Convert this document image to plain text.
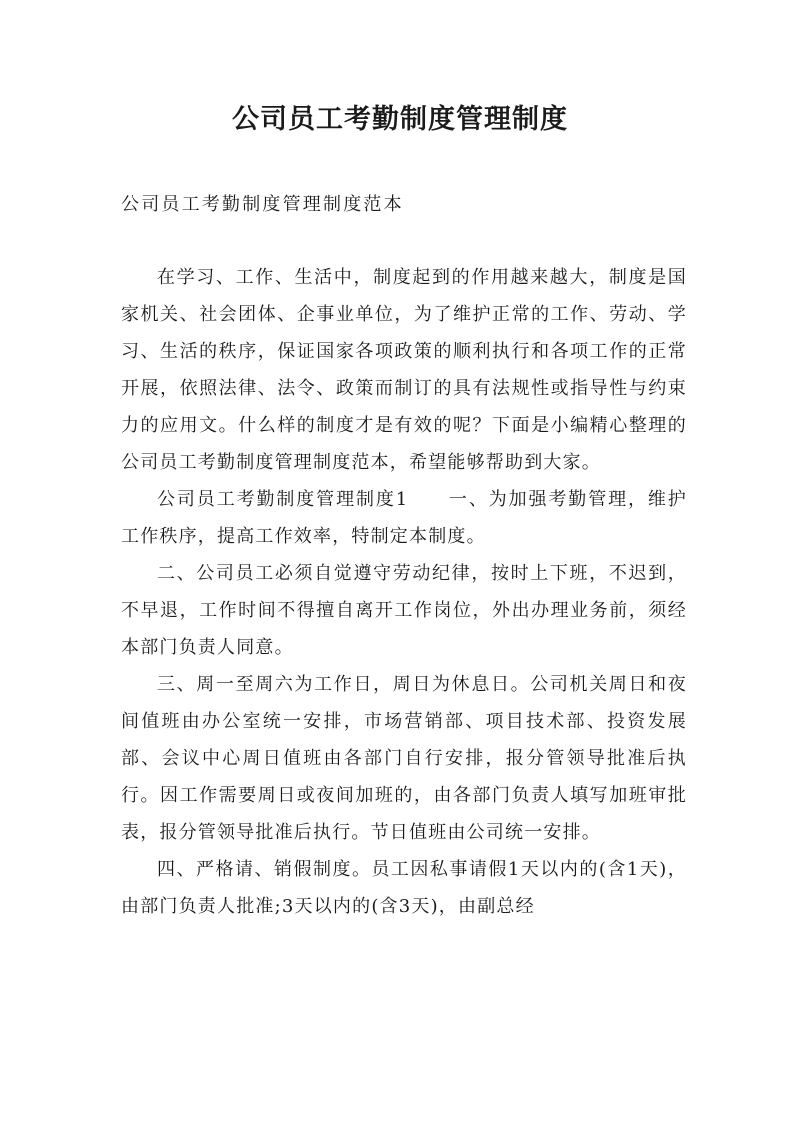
公司员工考勤制度管理制度

公司员工考勤制度管理制度范本

在学习、工作、生活中，制度起到的作用越来越大，制度是国家机关、社会团体、企事业单位，为了维护正常的工作、劳动、学习、生活的秩序，保证国家各项政策的顺利执行和各项工作的正常开展，依照法律、法令、政策而制订的具有法规性或指导性与约束力的应用文。什么样的制度才是有效的呢？下面是小编精心整理的公司员工考勤制度管理制度范本，希望能够帮助到大家。

公司员工考勤制度管理制度1　　一、为加强考勤管理，维护工作秩序，提高工作效率，特制定本制度。

二、公司员工必须自觉遵守劳动纪律，按时上下班，不迟到，不早退，工作时间不得擅自离开工作岗位，外出办理业务前，须经本部门负责人同意。

三、周一至周六为工作日，周日为休息日。公司机关周日和夜间值班由办公室统一安排，市场营销部、项目技术部、投资发展部、会议中心周日值班由各部门自行安排，报分管领导批准后执行。因工作需要周日或夜间加班的，由各部门负责人填写加班审批表，报分管领导批准后执行。节日值班由公司统一安排。

四、严格请、销假制度。员工因私事请假1天以内的(含1天)，由部门负责人批准;3天以内的(含3天)，由副总经
